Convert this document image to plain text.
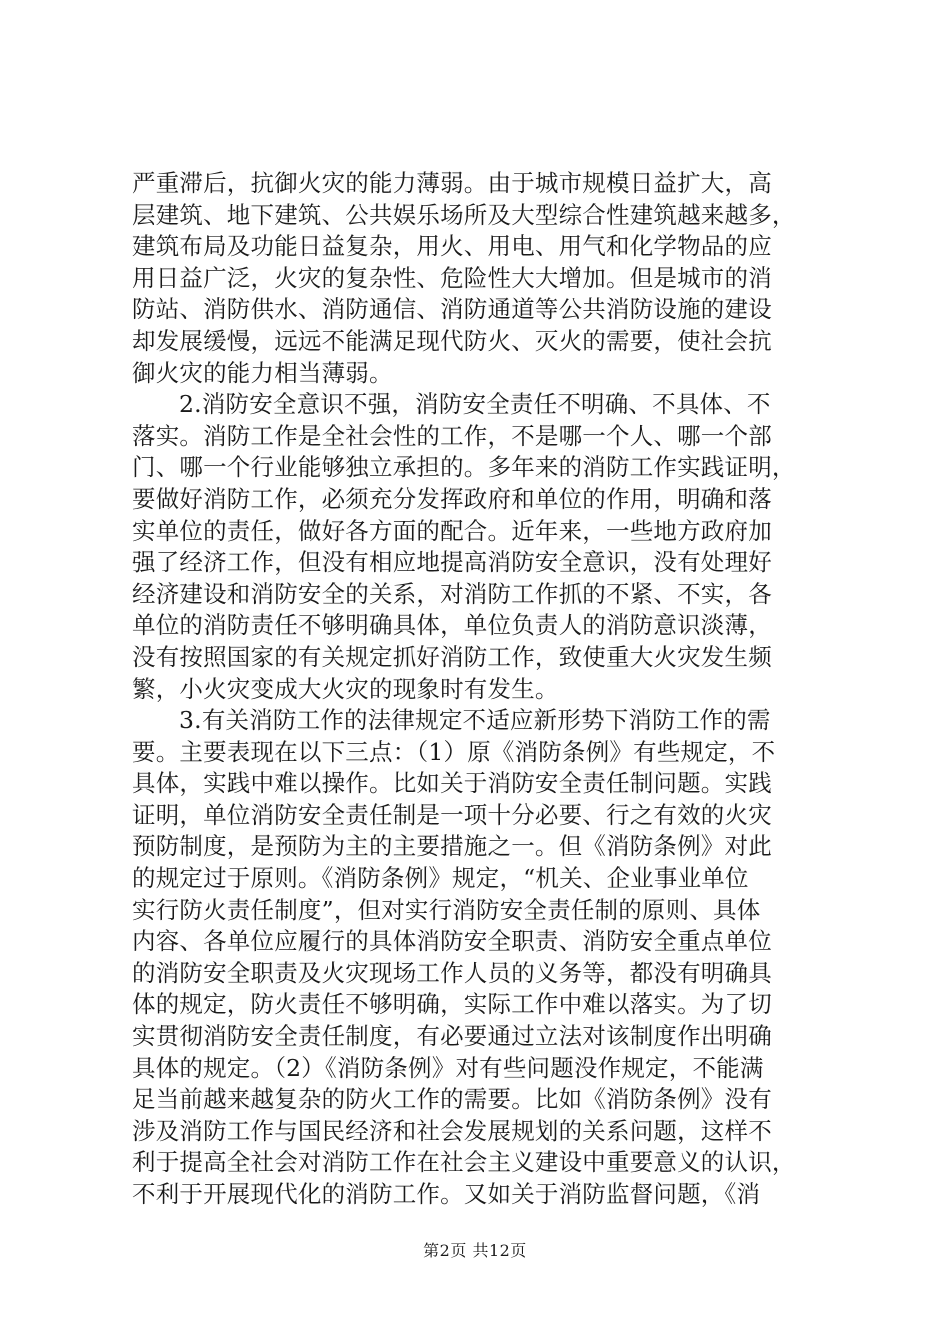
严重滞后，抗御火灾的能力薄弱。由于城市规模日益扩大，高
层建筑、地下建筑、公共娱乐场所及大型综合性建筑越来越多，
建筑布局及功能日益复杂，用火、用电、用气和化学物品的应
用日益广泛，火灾的复杂性、危险性大大增加。但是城市的消
防站、消防供水、消防通信、消防通道等公共消防设施的建设
却发展缓慢，远远不能满足现代防火、灭火的需要，使社会抗
御火灾的能力相当薄弱。
2.消防安全意识不强，消防安全责任不明确、不具体、不
落实。消防工作是全社会性的工作，不是哪一个人、哪一个部
门、哪一个行业能够独立承担的。多年来的消防工作实践证明，
要做好消防工作，必须充分发挥政府和单位的作用，明确和落
实单位的责任，做好各方面的配合。近年来，一些地方政府加
强了经济工作，但没有相应地提高消防安全意识，没有处理好
经济建设和消防安全的关系，对消防工作抓的不紧、不实，各
单位的消防责任不够明确具体，单位负责人的消防意识淡薄，
没有按照国家的有关规定抓好消防工作，致使重大火灾发生频
繁，小火灾变成大火灾的现象时有发生。
3.有关消防工作的法律规定不适应新形势下消防工作的需
要。主要表现在以下三点：（1）原《消防条例》有些规定，不
具体，实践中难以操作。比如关于消防安全责任制问题。实践
证明，单位消防安全责任制是一项十分必要、行之有效的火灾
预防制度，是预防为主的主要措施之一。但《消防条例》对此
的规定过于原则。《消防条例》规定，“机关、企业事业单位
实行防火责任制度”，但对实行消防安全责任制的原则、具体
内容、各单位应履行的具体消防安全职责、消防安全重点单位
的消防安全职责及火灾现场工作人员的义务等，都没有明确具
体的规定，防火责任不够明确，实际工作中难以落实。为了切
实贯彻消防安全责任制度，有必要通过立法对该制度作出明确
具体的规定。（2）《消防条例》对有些问题没作规定，不能满
足当前越来越复杂的防火工作的需要。比如《消防条例》没有
涉及消防工作与国民经济和社会发展规划的关系问题，这样不
利于提高全社会对消防工作在社会主义建设中重要意义的认识，
不利于开展现代化的消防工作。又如关于消防监督问题，《消
第2页 共12页
